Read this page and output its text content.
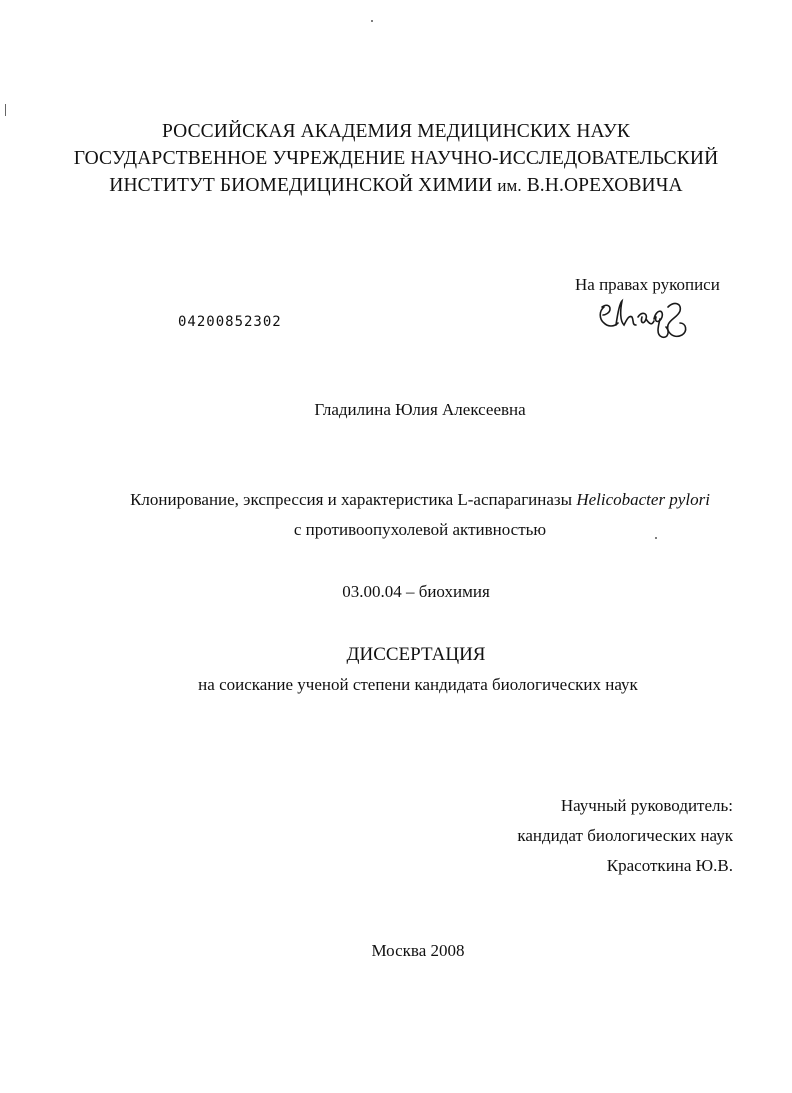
РОССИЙСКАЯ АКАДЕМИЯ МЕДИЦИНСКИХ НАУК
ГОСУДАРСТВЕННОЕ УЧРЕЖДЕНИЕ НАУЧНО-ИССЛЕДОВАТЕЛЬСКИЙ
ИНСТИТУТ БИОМЕДИЦИНСКОЙ ХИМИИ им. В.Н.ОРЕХОВИЧА
На правах рукописи
04200852302
Гладилина Юлия Алексеевна
Клонирование, экспрессия и характеристика L-аспарагиназы Helicobacter pylori
с противоопухолевой активностью
03.00.04 – биохимия
ДИССЕРТАЦИЯ
на соискание ученой степени кандидата биологических наук
Научный руководитель:
кандидат биологических наук
Красоткина Ю.В.
Москва 2008
